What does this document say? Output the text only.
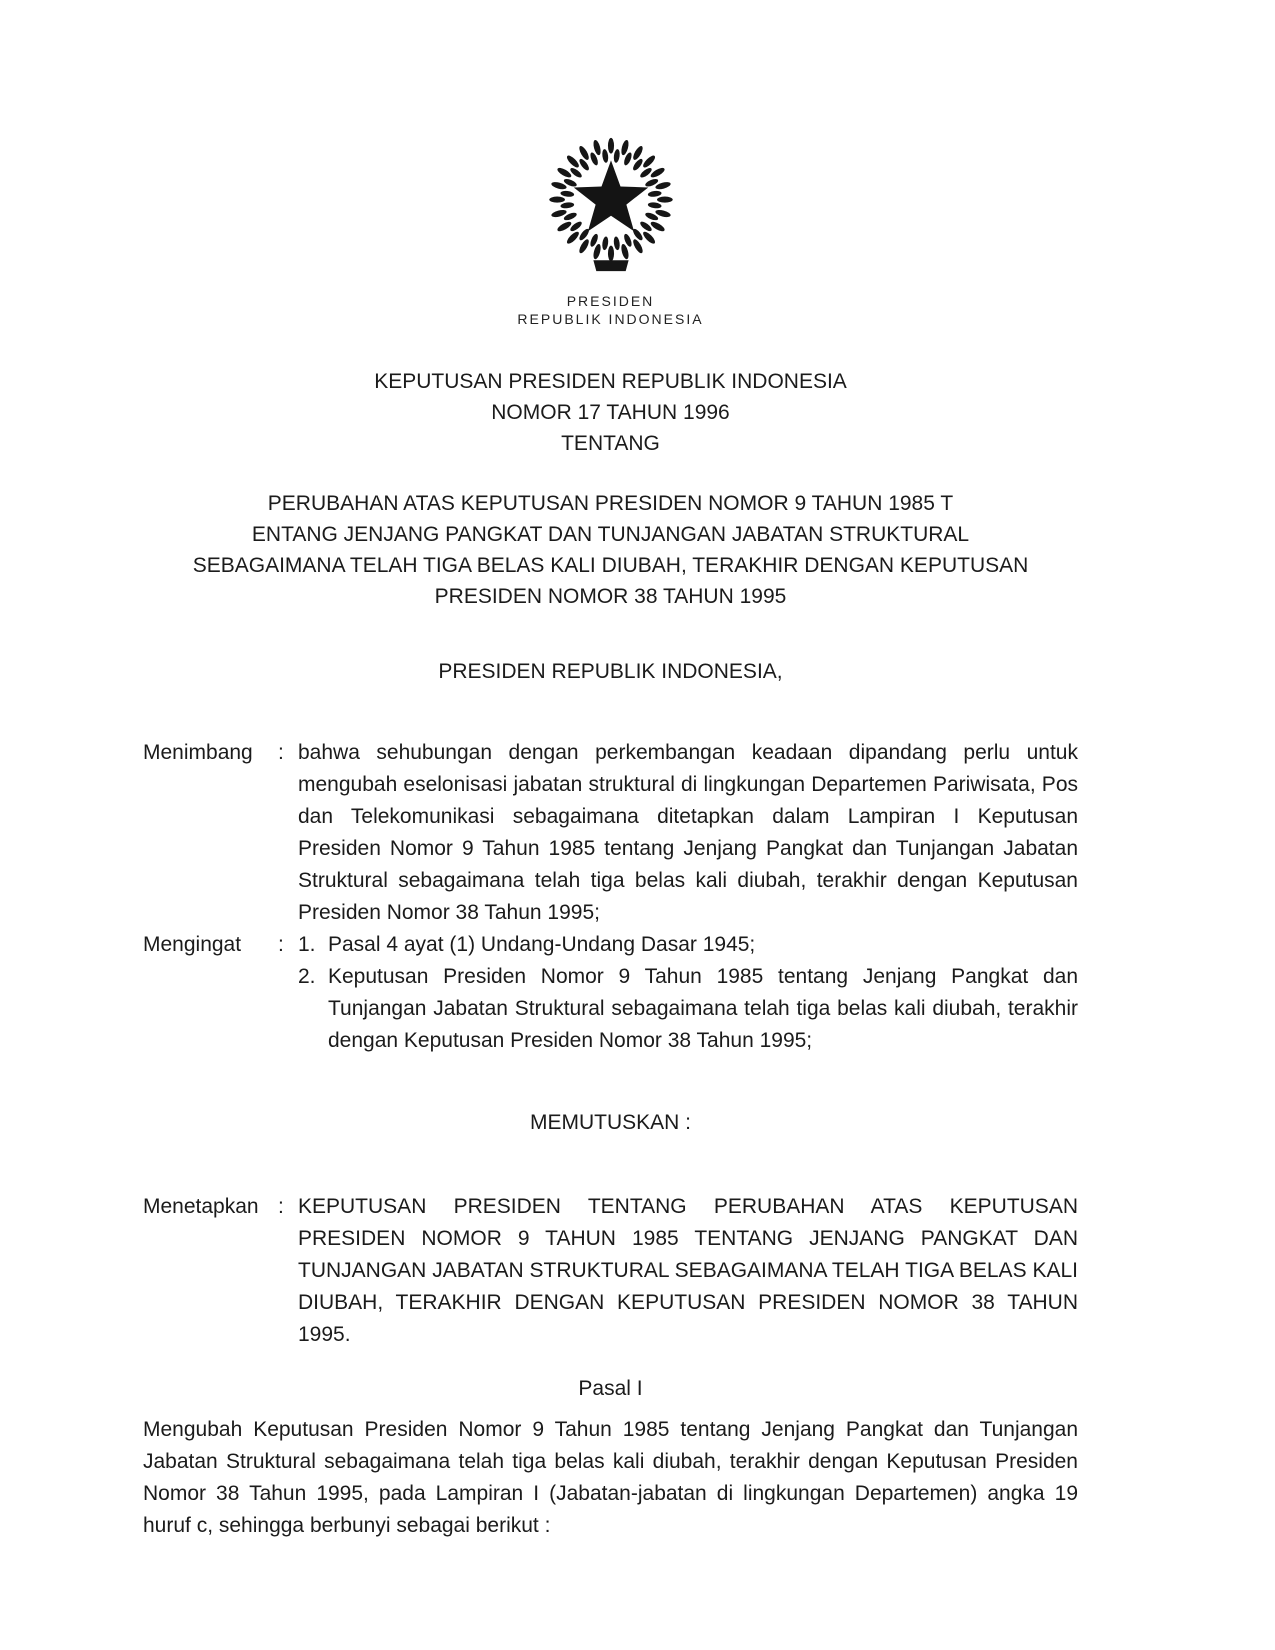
PRESIDEN
REPUBLIK INDONESIA
KEPUTUSAN PRESIDEN REPUBLIK INDONESIA
NOMOR 17 TAHUN 1996
TENTANG
PERUBAHAN ATAS KEPUTUSAN PRESIDEN NOMOR 9 TAHUN 1985 T
ENTANG JENJANG PANGKAT DAN TUNJANGAN JABATAN STRUKTURAL
SEBAGAIMANA TELAH TIGA BELAS KALI DIUBAH, TERAKHIR DENGAN KEPUTUSAN
PRESIDEN NOMOR 38 TAHUN 1995
PRESIDEN REPUBLIK INDONESIA,
Menimbang	: bahwa sehubungan dengan perkembangan keadaan dipandang perlu untuk mengubah eselonisasi jabatan struktural di lingkungan Departemen Pariwisata, Pos dan Telekomunikasi sebagaimana ditetapkan dalam Lampiran I Keputusan Presiden Nomor 9 Tahun 1985 tentang Jenjang Pangkat dan Tunjangan Jabatan Struktural sebagaimana telah tiga belas kali diubah, terakhir dengan Keputusan Presiden Nomor 38 Tahun 1995;
Mengingat	: 1. Pasal 4 ayat (1) Undang-Undang Dasar 1945;
2. Keputusan Presiden Nomor 9 Tahun 1985 tentang Jenjang Pangkat dan Tunjangan Jabatan Struktural sebagaimana telah tiga belas kali diubah, terakhir dengan Keputusan Presiden Nomor 38 Tahun 1995;
MEMUTUSKAN :
Menetapkan : KEPUTUSAN PRESIDEN TENTANG PERUBAHAN ATAS KEPUTUSAN PRESIDEN NOMOR 9 TAHUN 1985 TENTANG JENJANG PANGKAT DAN TUNJANGAN JABATAN STRUKTURAL SEBAGAIMANA TELAH TIGA BELAS KALI DIUBAH, TERAKHIR DENGAN KEPUTUSAN PRESIDEN NOMOR 38 TAHUN 1995.
Pasal I
Mengubah Keputusan Presiden Nomor 9 Tahun 1985 tentang Jenjang Pangkat dan Tunjangan Jabatan Struktural sebagaimana telah tiga belas kali diubah, terakhir dengan Keputusan Presiden Nomor 38 Tahun 1995, pada Lampiran I (Jabatan-jabatan di lingkungan Departemen) angka 19 huruf c, sehingga berbunyi sebagai berikut :
